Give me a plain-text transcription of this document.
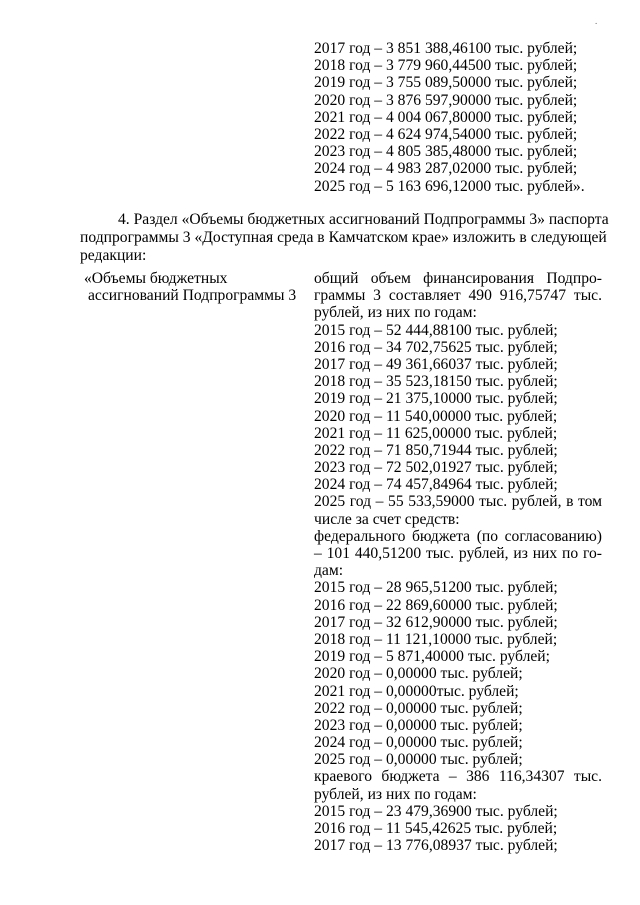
.
2017 год – 3 851 388,46100 тыс. рублей;
2018 год – 3 779 960,44500 тыс. рублей;
2019 год – 3 755 089,50000 тыс. рублей;
2020 год – 3 876 597,90000 тыс. рублей;
2021 год – 4 004 067,80000 тыс. рублей;
2022 год – 4 624 974,54000 тыс. рублей;
2023 год – 4 805 385,48000 тыс. рублей;
2024 год – 4 983 287,02000 тыс. рублей;
2025 год – 5 163 696,12000 тыс. рублей».
4. Раздел «Объемы бюджетных ассигнований Подпрограммы 3» паспорта
подпрограммы 3 «Доступная среда в Камчатском крае» изложить в следующей
редакции:
«Объемы бюджетных
ассигнований Подпрограммы 3
общий объем финансирования Подпро-
граммы 3 составляет 490 916,75747 тыс.
рублей, из них по годам:
2015 год – 52 444,88100 тыс. рублей;
2016 год – 34 702,75625 тыс. рублей;
2017 год – 49 361,66037 тыс. рублей;
2018 год – 35 523,18150 тыс. рублей;
2019 год – 21 375,10000 тыс. рублей;
2020 год – 11 540,00000 тыс. рублей;
2021 год – 11 625,00000 тыс. рублей;
2022 год – 71 850,71944 тыс. рублей;
2023 год – 72 502,01927 тыс. рублей;
2024 год – 74 457,84964 тыс. рублей;
2025 год – 55 533,59000 тыс. рублей, в том
числе за счет средств:
федерального бюджета (по согласованию)
– 101 440,51200 тыс. рублей, из них по го-
дам:
2015 год – 28 965,51200 тыс. рублей;
2016 год – 22 869,60000 тыс. рублей;
2017 год – 32 612,90000 тыс. рублей;
2018 год – 11 121,10000 тыс. рублей;
2019 год – 5 871,40000 тыс. рублей;
2020 год – 0,00000 тыс. рублей;
2021 год – 0,00000тыс. рублей;
2022 год – 0,00000 тыс. рублей;
2023 год – 0,00000 тыс. рублей;
2024 год – 0,00000 тыс. рублей;
2025 год – 0,00000 тыс. рублей;
краевого бюджета – 386 116,34307 тыс.
рублей, из них по годам:
2015 год – 23 479,36900 тыс. рублей;
2016 год – 11 545,42625 тыс. рублей;
2017 год – 13 776,08937 тыс. рублей;
